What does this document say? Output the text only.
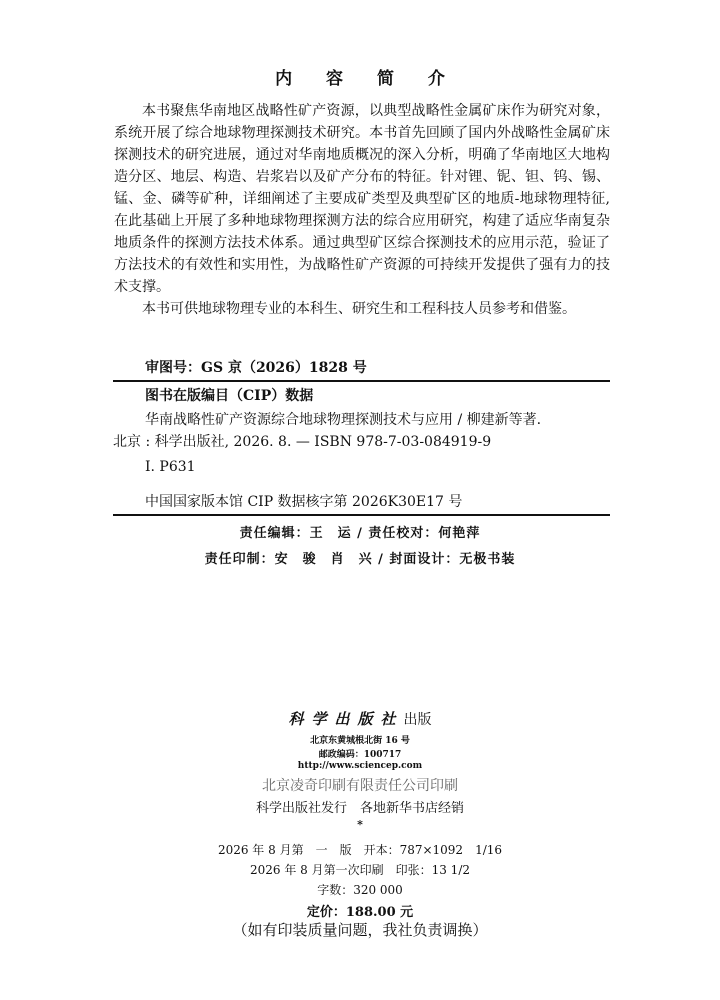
内 容 简 介

本书聚焦华南地区战略性矿产资源，以典型战略性金属矿床作为研究对象，系统开展了综合地球物理探测技术研究。本书首先回顾了国内外战略性金属矿床探测技术的研究进展，通过对华南地质概况的深入分析，明确了华南地区大地构造分区、地层、构造、岩浆岩以及矿产分布的特征。针对锂、铌、钽、钨、锡、锰、金、磷等矿种，详细阐述了主要成矿类型及典型矿区的地质-地球物理特征,在此基础上开展了多种地球物理探测方法的综合应用研究，构建了适应华南复杂地质条件的探测方法技术体系。通过典型矿区综合探测技术的应用示范，验证了方法技术的有效性和实用性，为战略性矿产资源的可持续开发提供了强有力的技术支撑。

本书可供地球物理专业的本科生、研究生和工程科技人员参考和借鉴。

审图号：GS 京（2026）1828 号
图书在版编目（CIP）数据
华南战略性矿产资源综合地球物理探测技术与应用 / 柳建新等著.
北京 : 科学出版社, 2026. 8. — ISBN 978-7-03-084919-9
Ⅰ. P631
中国国家版本馆 CIP 数据核字第 2026K30E17 号
责任编辑：王　运 / 责任校对：何艳萍
责任印制：安　骏　肖　兴 / 封面设计：无极书装
科学出版社出版
北京东黄城根北街 16 号
邮政编码：100717
http://www.sciencep.com
北京凌奇印刷有限责任公司印刷
科学出版社发行　各地新华书店经销
*
2026 年 8 月第　一　版　开本：787×1092　1/16
2026 年 8 月第一次印刷　印张：13 1/2
字数：320 000
定价：188.00 元
（如有印装质量问题，我社负责调换）
